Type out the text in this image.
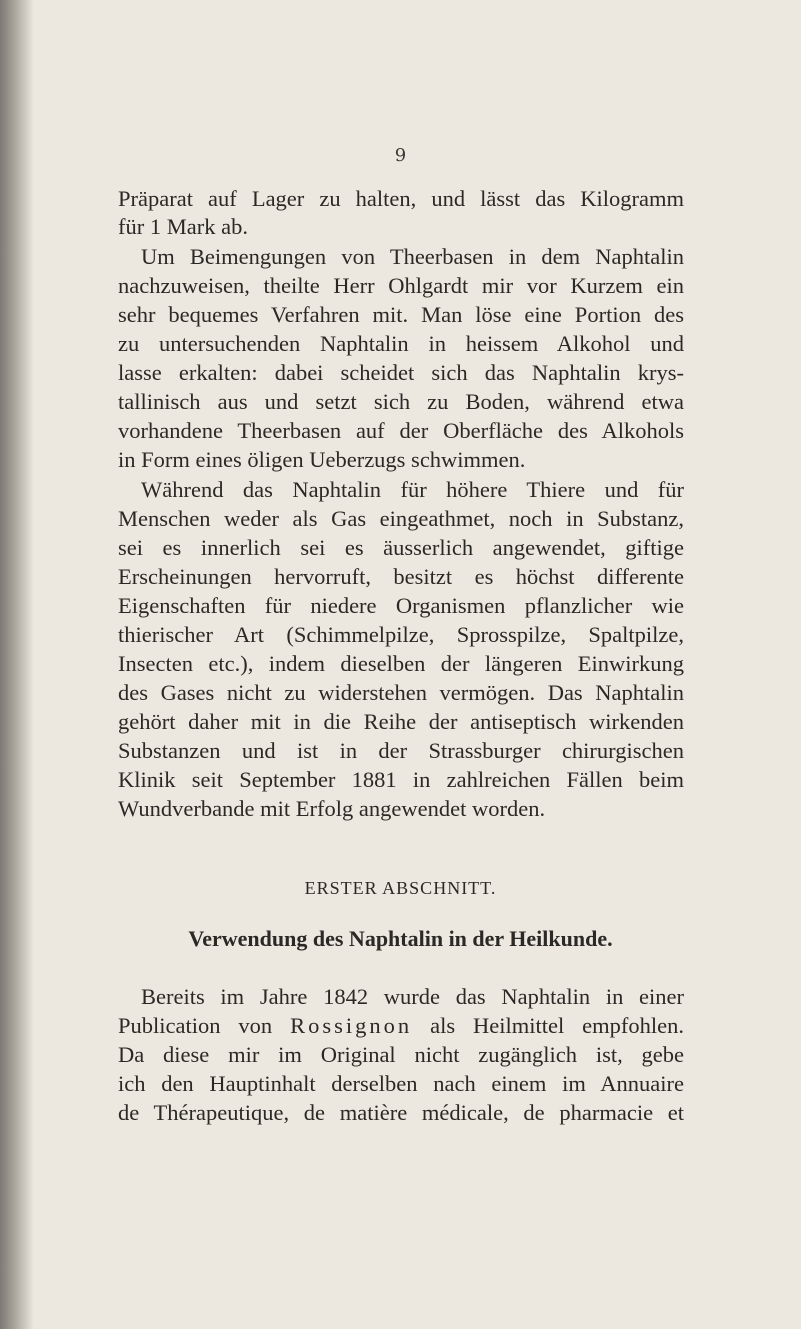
9
Präparat auf Lager zu halten, und lässt das Kilogramm
für 1 Mark ab.
Um Beimengungen von Theerbasen in dem Naphtalin
nachzuweisen, theilte Herr Ohlgardt mir vor Kurzem ein
sehr bequemes Verfahren mit. Man löse eine Portion des
zu untersuchenden Naphtalin in heissem Alkohol und
lasse erkalten: dabei scheidet sich das Naphtalin krys-
tallinisch aus und setzt sich zu Boden, während etwa
vorhandene Theerbasen auf der Oberfläche des Alkohols
in Form eines öligen Ueberzugs schwimmen.
Während das Naphtalin für höhere Thiere und für
Menschen weder als Gas eingeathmet, noch in Substanz,
sei es innerlich sei es äusserlich angewendet, giftige
Erscheinungen hervorruft, besitzt es höchst differente
Eigenschaften für niedere Organismen pflanzlicher wie
thierischer Art (Schimmelpilze, Sprosspilze, Spaltpilze,
Insecten etc.), indem dieselben der längeren Einwirkung
des Gases nicht zu widerstehen vermögen. Das Naphtalin
gehört daher mit in die Reihe der antiseptisch wirkenden
Substanzen und ist in der Strassburger chirurgischen
Klinik seit September 1881 in zahlreichen Fällen beim
Wundverbande mit Erfolg angewendet worden.
ERSTER ABSCHNITT.
Verwendung des Naphtalin in der Heilkunde.
Bereits im Jahre 1842 wurde das Naphtalin in einer
Publication von Rossignon als Heilmittel empfohlen.
Da diese mir im Original nicht zugänglich ist, gebe
ich den Hauptinhalt derselben nach einem im Annuaire
de Thérapeutique, de matière médicale, de pharmacie et
